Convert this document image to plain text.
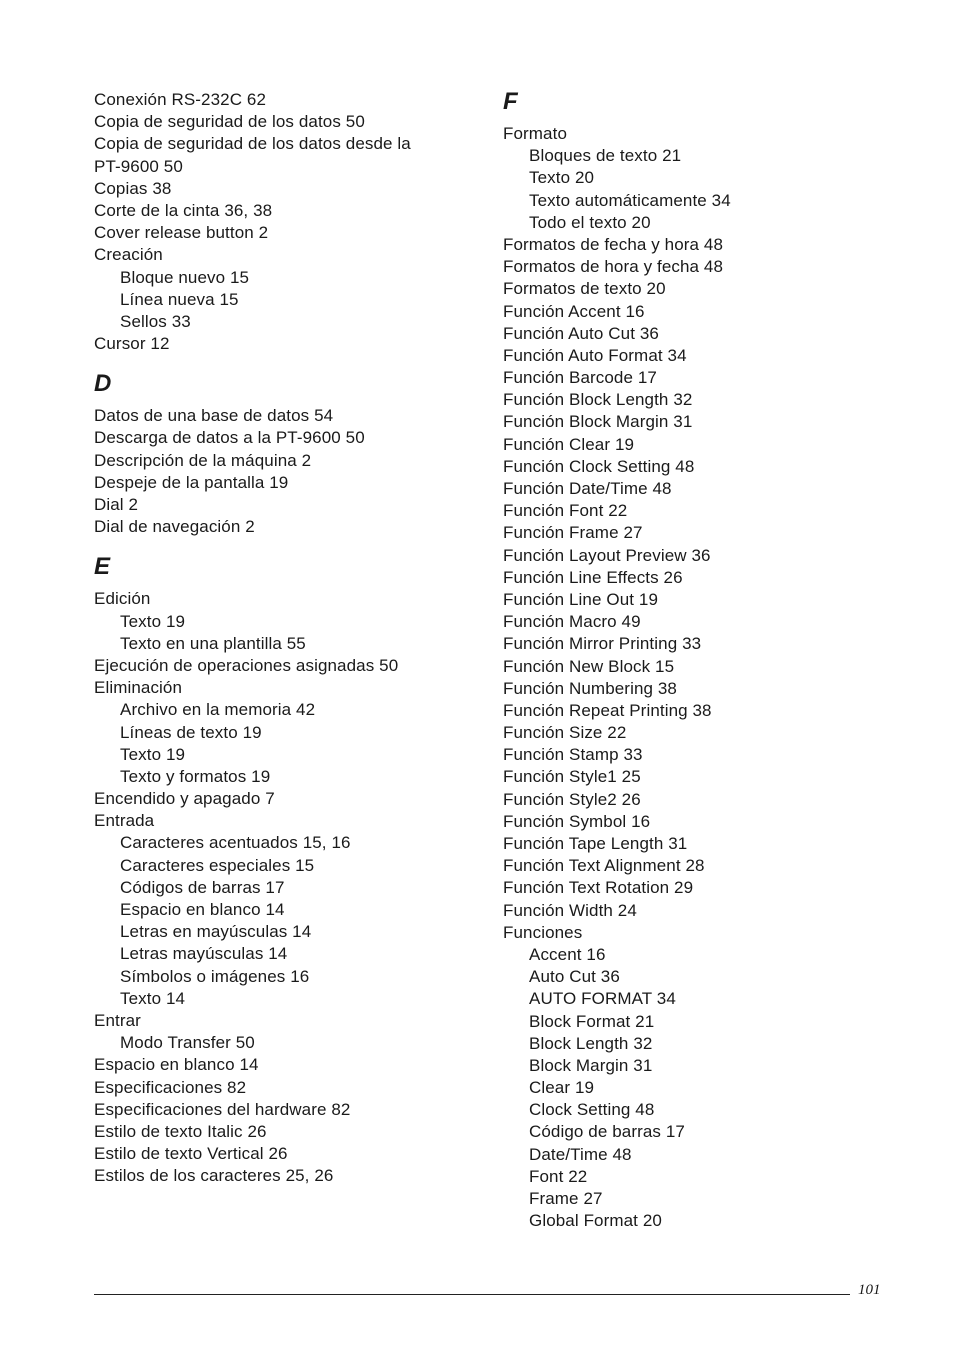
Conexión RS-232C 62
Copia de seguridad de los datos 50
Copia de seguridad de los datos desde la
PT-9600 50
Copias 38
Corte de la cinta 36, 38
Cover release button 2
Creación
Bloque nuevo 15
Línea nueva 15
Sellos 33
Cursor 12
D
Datos de una base de datos 54
Descarga de datos a la PT-9600 50
Descripción de la máquina 2
Despeje de la pantalla 19
Dial 2
Dial de navegación 2
E
Edición
Texto 19
Texto en una plantilla 55
Ejecución de operaciones asignadas 50
Eliminación
Archivo en la memoria 42
Líneas de texto 19
Texto 19
Texto y formatos 19
Encendido y apagado 7
Entrada
Caracteres acentuados 15, 16
Caracteres especiales 15
Códigos de barras 17
Espacio en blanco 14
Letras en mayúsculas 14
Letras mayúsculas 14
Símbolos o imágenes 16
Texto 14
Entrar
Modo Transfer 50
Espacio en blanco 14
Especificaciones 82
Especificaciones del hardware 82
Estilo de texto Italic 26
Estilo de texto Vertical 26
Estilos de los caracteres 25, 26
F
Formato
Bloques de texto 21
Texto 20
Texto automáticamente 34
Todo el texto 20
Formatos de fecha y hora 48
Formatos de hora y fecha 48
Formatos de texto 20
Función Accent 16
Función Auto Cut 36
Función Auto Format 34
Función Barcode 17
Función Block Length 32
Función Block Margin 31
Función Clear 19
Función Clock Setting 48
Función Date/Time 48
Función Font 22
Función Frame 27
Función Layout Preview 36
Función Line Effects 26
Función Line Out 19
Función Macro 49
Función Mirror Printing 33
Función New Block 15
Función Numbering 38
Función Repeat Printing 38
Función Size 22
Función Stamp 33
Función Style1 25
Función Style2 26
Función Symbol 16
Función Tape Length 31
Función Text Alignment 28
Función Text Rotation 29
Función Width 24
Funciones
Accent 16
Auto Cut 36
AUTO FORMAT 34
Block Format 21
Block Length 32
Block Margin 31
Clear 19
Clock Setting 48
Código de barras 17
Date/Time 48
Font 22
Frame 27
Global Format 20
101
